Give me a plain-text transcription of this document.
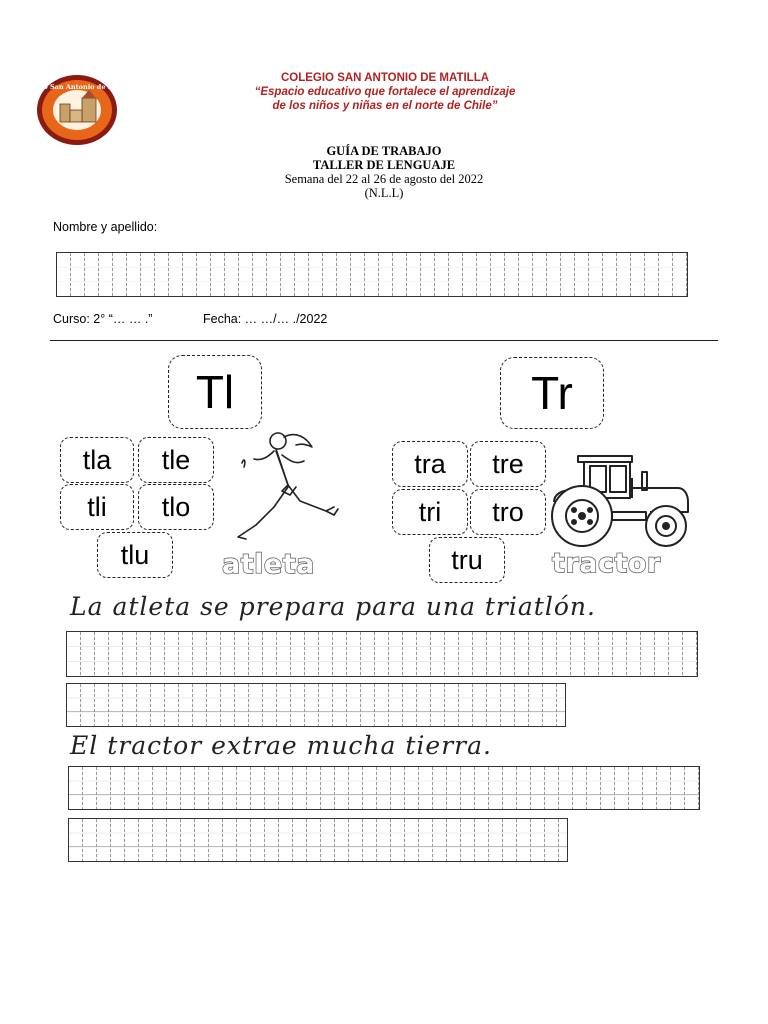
Colegio San Antonio de Matilla
COLEGIO SAN ANTONIO DE MATILLA
“Espacio educativo que fortalece el aprendizaje
de los niños y niñas en el norte de Chile”
GUÍA DE TRABAJO
TALLER DE LENGUAJE
Semana del 22 al 26 de agosto del 2022
(N.L.L)
Nombre y apellido:
Curso: 2° “… … .”	Fecha: … …/… ./2022
Tl
tla tle
tli tlo
tlu	atleta
Tr
tra tre
tri tro
tru	tractor
La atleta se prepara para una triatlón.
El tractor extrae mucha tierra.
